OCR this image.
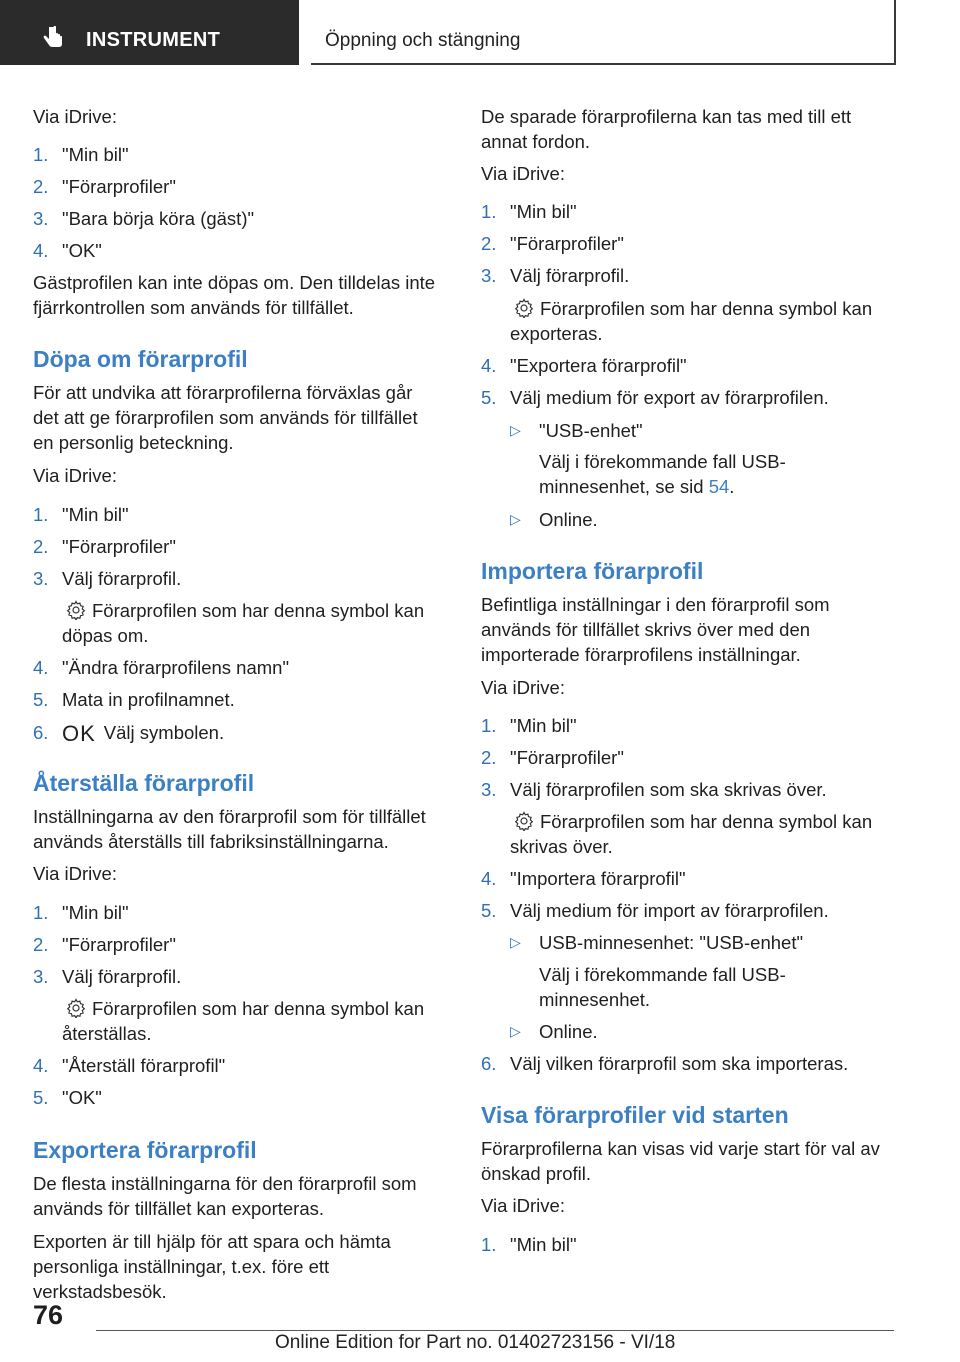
INSTRUMENT	Öppning och stängning
Via iDrive:
1. "Min bil"
2. "Förarprofiler"
3. "Bara börja köra (gäst)"
4. "OK"
Gästprofilen kan inte döpas om. Den tilldelas inte fjärrkontrollen som används för tillfället.
Döpa om förarprofil
För att undvika att förarprofilerna förväxlas går det att ge förarprofilen som används för tillfället en personlig beteckning.
Via iDrive:
1. "Min bil"
2. "Förarprofiler"
3. Välj förarprofil.
Förarprofilen som har denna symbol kan döpas om.
4. "Ändra förarprofilens namn"
5. Mata in profilnamnet.
6. OK Välj symbolen.
Återställa förarprofil
Inställningarna av den förarprofil som för tillfället används återställs till fabriksinställningarna.
Via iDrive:
1. "Min bil"
2. "Förarprofiler"
3. Välj förarprofil.
Förarprofilen som har denna symbol kan återställas.
4. "Återställ förarprofil"
5. "OK"
Exportera förarprofil
De flesta inställningarna för den förarprofil som används för tillfället kan exporteras.
Exporten är till hjälp för att spara och hämta personliga inställningar, t.ex. före ett verkstadsbesök.
De sparade förarprofilerna kan tas med till ett annat fordon.
Via iDrive:
1. "Min bil"
2. "Förarprofiler"
3. Välj förarprofil.
Förarprofilen som har denna symbol kan exporteras.
4. "Exportera förarprofil"
5. Välj medium för export av förarprofilen.
▷ "USB-enhet"
Välj i förekommande fall USB-minnesenhet, se sid 54.
▷ Online.
Importera förarprofil
Befintliga inställningar i den förarprofil som används för tillfället skrivs över med den importerade förarprofilens inställningar.
Via iDrive:
1. "Min bil"
2. "Förarprofiler"
3. Välj förarprofilen som ska skrivas över.
Förarprofilen som har denna symbol kan skrivas över.
4. "Importera förarprofil"
5. Välj medium för import av förarprofilen.
▷ USB-minnesenhet: "USB-enhet"
Välj i förekommande fall USB-minnesenhet.
▷ Online.
6. Välj vilken förarprofil som ska importeras.
Visa förarprofiler vid starten
Förarprofilerna kan visas vid varje start för val av önskad profil.
Via iDrive:
1. "Min bil"
76
Online Edition for Part no. 01402723156 - VI/18
